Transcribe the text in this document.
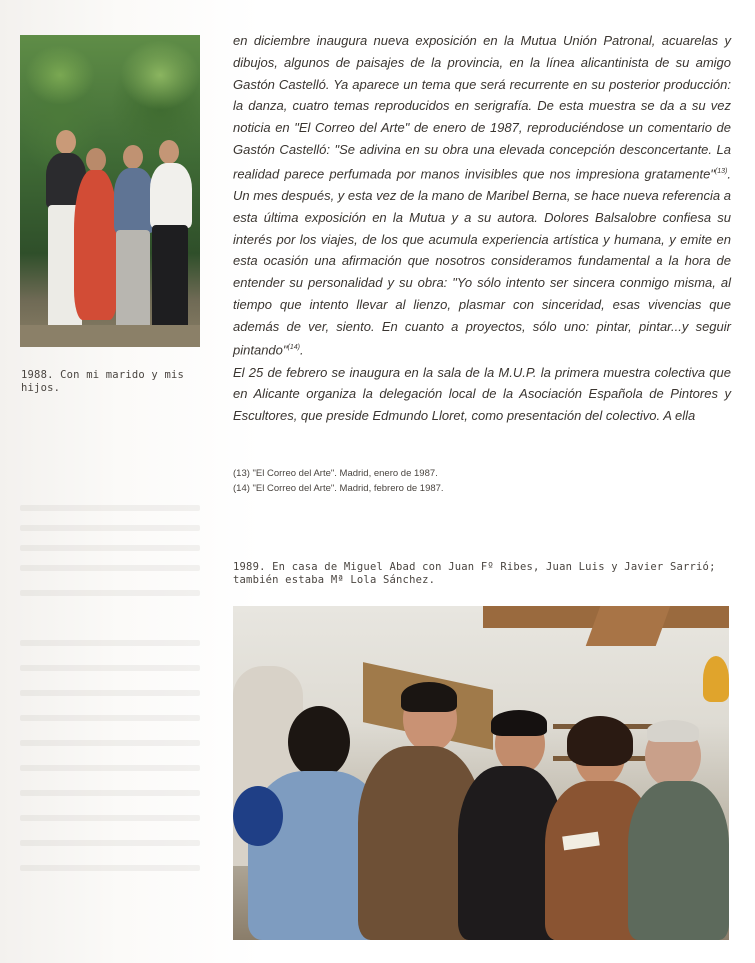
1988. Con mi marido y mis
hijos.

en diciembre inaugura nueva exposición en la Mutua Unión Patronal, acuarelas y dibujos, algunos de paisajes de la provincia, en la línea alicantinista de su amigo Gastón Castelló. Ya aparece un tema que será recurrente en su posterior producción: la danza, cuatro temas reproducidos en serigrafía. De esta muestra se da a su vez noticia en "El Correo del Arte" de enero de 1987, reproduciéndose un comentario de Gastón Castelló: "Se adivina en su obra una elevada concepción desconcertante. La realidad parece perfumada por manos invisibles que nos impresiona gratamente"$^{(13)}$. Un mes después, y esta vez de la mano de Maribel Berna, se hace nueva referencia a esta última exposición en la Mutua y a su autora. Dolores Balsalobre confiesa su interés por los viajes, de los que acumula experiencia artística y humana, y emite en esta ocasión una afirmación que nosotros consideramos fundamental a la hora de entender su personalidad y su obra: "Yo sólo intento ser sincera conmigo misma, al tiempo que intento llevar al lienzo, plasmar con sinceridad, esas vivencias que además de ver, siento. En cuanto a proyectos, sólo uno: pintar, pintar...y seguir pintando"$^{(14)}$.

El 25 de febrero se inaugura en la sala de la M.U.P. la primera muestra colectiva que en Alicante organiza la delegación local de la Asociación Española de Pintores y Escultores, que preside Edmundo Lloret, como presentación del colectivo. A ella

(13) "El Correo del Arte". Madrid, enero de 1987.
(14) "El Correo del Arte". Madrid, febrero de 1987.

1989. En casa de Miguel Abad con Juan Fº Ribes, Juan Luis y Javier Sarrió;
también estaba Mª Lola Sánchez.
